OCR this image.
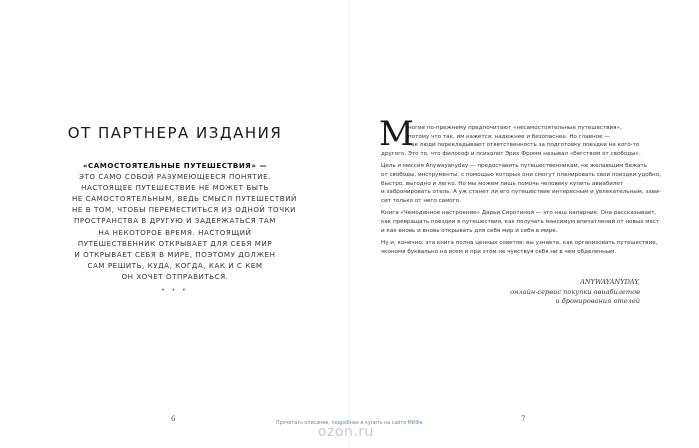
ОТ ПАРТНЕРА ИЗДАНИЯ
«САМОСТОЯТЕЛЬНЫЕ ПУТЕШЕСТВИЯ» —
ЭТО САМО СОБОЙ РАЗУМЕЮЩЕЕСЯ ПОНЯТИЕ.
НАСТОЯЩЕЕ ПУТЕШЕСТВИЕ НЕ МОЖЕТ БЫТЬ
НЕ САМОСТОЯТЕЛЬНЫМ, ВЕДЬ СМЫСЛ ПУТЕШЕСТВИЙ
НЕ В ТОМ, ЧТОБЫ ПЕРЕМЕСТИТЬСЯ ИЗ ОДНОЙ ТОЧКИ
ПРОСТРАНСТВА В ДРУГУЮ И ЗАДЕРЖАТЬСЯ ТАМ
НА НЕКОТОРОЕ ВРЕМЯ. НАСТОЯЩИЙ
ПУТЕШЕСТВЕННИК ОТКРЫВАЕТ ДЛЯ СЕБЯ МИР
И ОТКРЫВАЕТ СЕБЯ В МИРЕ, ПОЭТОМУ ДОЛЖЕН
САМ РЕШИТЬ, КУДА, КОГДА, КАК И С КЕМ
ОН ХОЧЕТ ОТПРАВИТЬСЯ.
• • •
6
М
ногие по-прежнему предпочитают «несамостоятельные путешествия»,
потому что так, им кажется, надежнее и безопаснее. Но главное —
так люди перекладывают ответственность за подготовку поездки на кого-то
другого. Это то, что философ и психолог Эрих Фромм называл «бегством от свободы».
Цель и миссия Anywayanyday — предоставить путешественникам, не желающим бежать
от свободы, инструменты, с помощью которых они смогут планировать свои поездки удобно,
быстро, выгодно и легко. Но мы можем лишь помочь человеку купить авиабилет
и забронировать отель. А уж станет ли его путешествие интересным и увлекательным, зави-
сит только от него самого.
Книга «Чемоданное настроение» Дарьи Сиротиной — это наш напарник. Она рассказывает,
как превращать поездки в путешествия, как получать максимум впечатлений от новых мест
и как вновь и вновь открывать для себя мир и себя в мире.
Ну и, конечно, эта книга полна ценных советов: вы узнаете, как организовать путешествие,
экономя буквально на всем и при этом не чувствуя себя ни в чем обделенным.
ANYWAYANYDAY,
онлайн-сервис покупки авиабилетов
и бронирования отелей
7
Прочитать описание, подробнее и купить на сайте МИФа
ozon.ru
